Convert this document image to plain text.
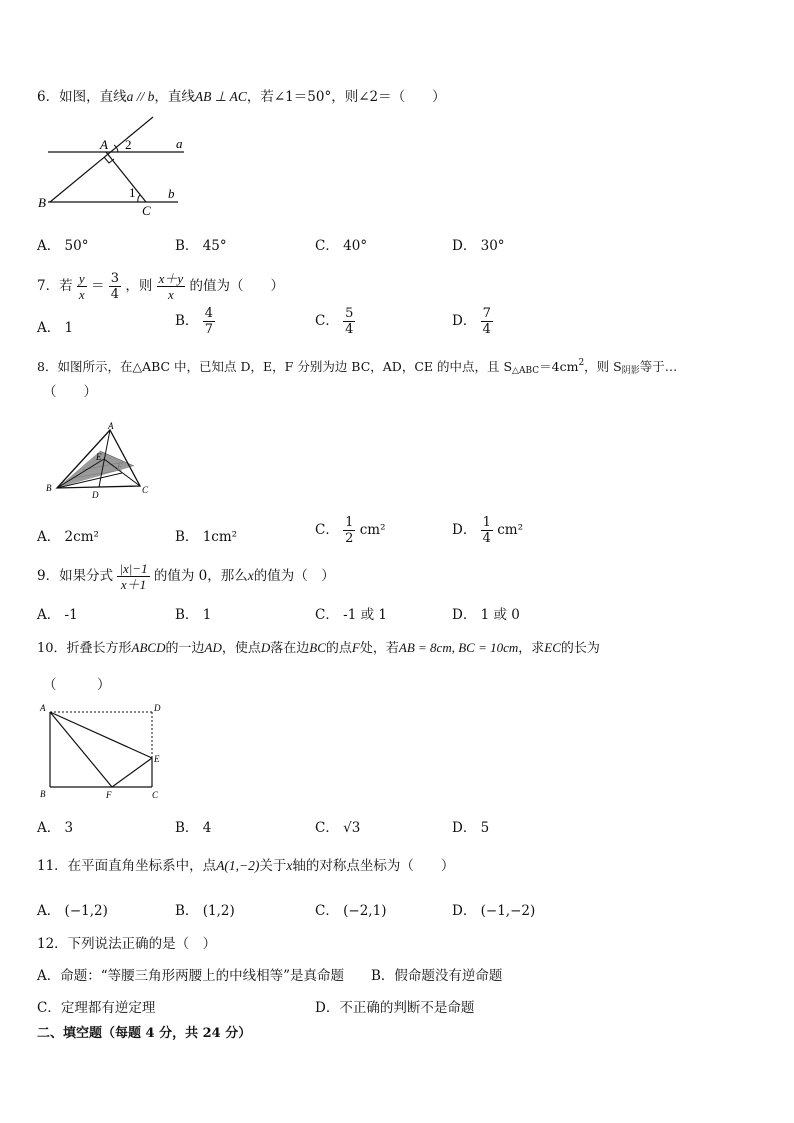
6．如图，直线a // b，直线AB ⊥ AC，若∠1＝50°，则∠2＝（　　）
A 2	a
B
1	b
C
A． 50°	B． 45°	C． 40°	D． 30°
7．若 $\frac{y}{x} = \frac{3}{4}$ ，则 $\frac{x+y}{x}$ 的值为（　　）
A． 1	B． $\frac{4}{7}$	C． $\frac{5}{4}$	D． $\frac{7}{4}$
8．如图所示，在△ABC 中，已知点 D，E，F 分别为边 BC，AD，CE 的中点，且 $S_{\triangle ABC}=4cm^2$，则 $S_{阴影}$等于…
（　　）
A
B	C
D
E
F
A． 2cm²	B． 1cm²	C． $\frac{1}{2} cm^2$	D． $\frac{1}{4} cm^2$
9．如果分式 $\frac{|x|-1}{x+1}$ 的值为 0，那么x的值为（　）
A． -1	B． 1	C． -1 或 1	D． 1 或 0
10．折叠长方形ABCD的一边AD，使点D落在边BC的点F处，若AB = 8cm, BC = 10cm，求EC的长为
（　　　）
A	D
E
B	F	C
A． 3	B． 4	C． √3	D． 5
11．在平面直角坐标系中，点A(1,−2)关于x轴的对称点坐标为（　　）
A． (−1,2)	B． (1,2)	C． (−2,1)	D． (−1,−2)
12．下列说法正确的是（　）
A．命题：“等腰三角形两腰上的中线相等”是真命题 B．假命题没有逆命题
C．定理都有逆定理	D．不正确的判断不是命题
二、填空题（每题 4 分，共 24 分）
